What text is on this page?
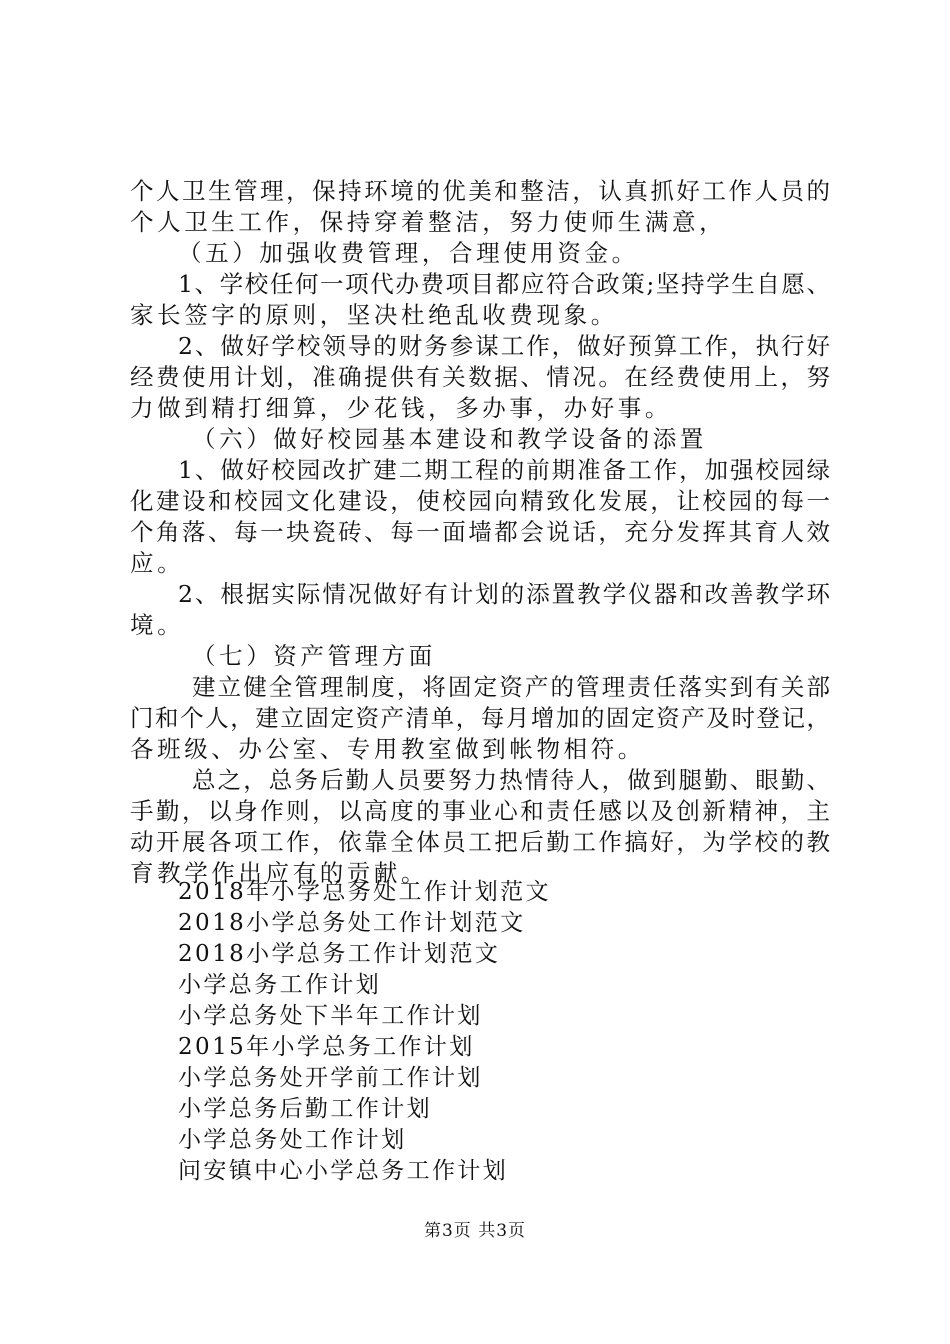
个人卫生管理，保持环境的优美和整洁，认真抓好工作人员的
个人卫生工作，保持穿着整洁，努力使师生满意，
（五）加强收费管理，合理使用资金。
1、学校任何一项代办费项目都应符合政策;坚持学生自愿、
家长签字的原则，坚决杜绝乱收费现象。
2、做好学校领导的财务参谋工作，做好预算工作，执行好
经费使用计划，准确提供有关数据、情况。在经费使用上，努
力做到精打细算，少花钱，多办事，办好事。
（六）做好校园基本建设和教学设备的添置
1、做好校园改扩建二期工程的前期准备工作，加强校园绿
化建设和校园文化建设，使校园向精致化发展，让校园的每一
个角落、每一块瓷砖、每一面墙都会说话，充分发挥其育人效
应。
2、根据实际情况做好有计划的添置教学仪器和改善教学环
境。
（七）资产管理方面
建立健全管理制度，将固定资产的管理责任落实到有关部
门和个人，建立固定资产清单，每月增加的固定资产及时登记，
各班级、办公室、专用教室做到帐物相符。
总之，总务后勤人员要努力热情待人，做到腿勤、眼勤、
手勤，以身作则，以高度的事业心和责任感以及创新精神，主
动开展各项工作，依靠全体员工把后勤工作搞好，为学校的教
育教学作出应有的贡献。
2018年小学总务处工作计划范文
2018小学总务处工作计划范文
2018小学总务工作计划范文
小学总务工作计划
小学总务处下半年工作计划
2015年小学总务工作计划
小学总务处开学前工作计划
小学总务后勤工作计划
小学总务处工作计划
问安镇中心小学总务工作计划
第3页 共3页
